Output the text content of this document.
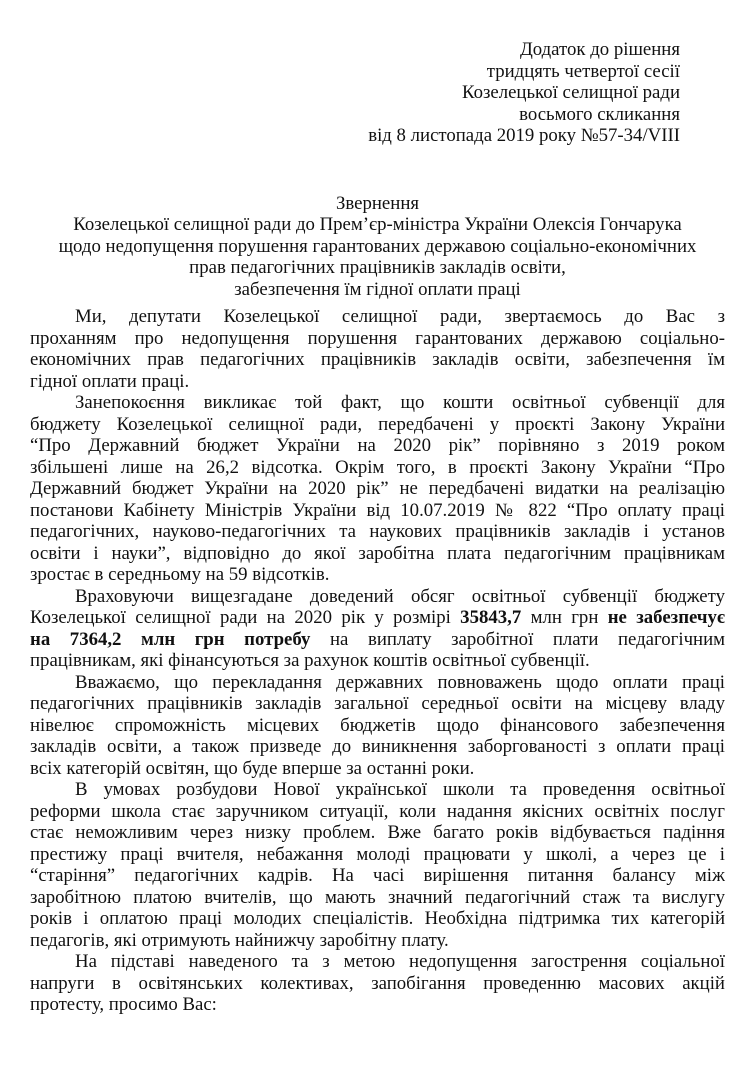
Додаток до рішення
тридцять четвертої сесії
Козелецької селищної ради
восьмого скликання
від 8 листопада 2019 року №57-34/VIII
Звернення
Козелецької селищної ради до Прем’єр-міністра України Олексія Гончарука
щодо недопущення порушення гарантованих державою соціально-економічних
прав педагогічних працівників закладів освіти,
забезпечення їм гідної оплати праці
Ми, депутати Козелецької селищної ради, звертаємось до Вас з
проханням про недопущення порушення гарантованих державою соціально-
економічних прав педагогічних працівників закладів освіти, забезпечення їм
гідної оплати праці.
Занепокоєння викликає той факт, що кошти освітньої субвенції для
бюджету Козелецької селищної ради, передбачені у проєкті Закону України
“Про Державний бюджет України на 2020 рік” порівняно з 2019 роком
збільшені лише на 26,2 відсотка. Окрім того, в проєкті Закону України “Про
Державний бюджет України на 2020 рік” не передбачені видатки на реалізацію
постанови Кабінету Міністрів України від 10.07.2019 № 822 “Про оплату праці
педагогічних, науково-педагогічних та наукових працівників закладів і установ
освіти і науки”, відповідно до якої заробітна плата педагогічним працівникам
зростає в середньому на 59 відсотків.
Враховуючи вищезгадане доведений обсяг освітньої субвенції бюджету
Козелецької селищної ради на 2020 рік у розмірі 35843,7 млн грн не забезпечує
на 7364,2 млн грн потребу на виплату заробітної плати педагогічним
працівникам, які фінансуються за рахунок коштів освітньої субвенції.
Вважаємо, що перекладання державних повноважень щодо оплати праці
педагогічних працівників закладів загальної середньої освіти на місцеву владу
нівелює спроможність місцевих бюджетів щодо фінансового забезпечення
закладів освіти, а також призведе до виникнення заборгованості з оплати праці
всіх категорій освітян, що буде вперше за останні роки.
В умовах розбудови Нової української школи та проведення освітньої
реформи школа стає заручником ситуації, коли надання якісних освітніх послуг
стає неможливим через низку проблем. Вже багато років відбувається падіння
престижу праці вчителя, небажання молоді працювати у школі, а через це і
“старіння” педагогічних кадрів. На часі вирішення питання балансу між
заробітною платою вчителів, що мають значний педагогічний стаж та вислугу
років і оплатою праці молодих спеціалістів. Необхідна підтримка тих категорій
педагогів, які отримують найнижчу заробітну плату.
На підставі наведеного та з метою недопущення загострення соціальної
напруги в освітянських колективах, запобігання проведенню масових акцій
протесту, просимо Вас:
